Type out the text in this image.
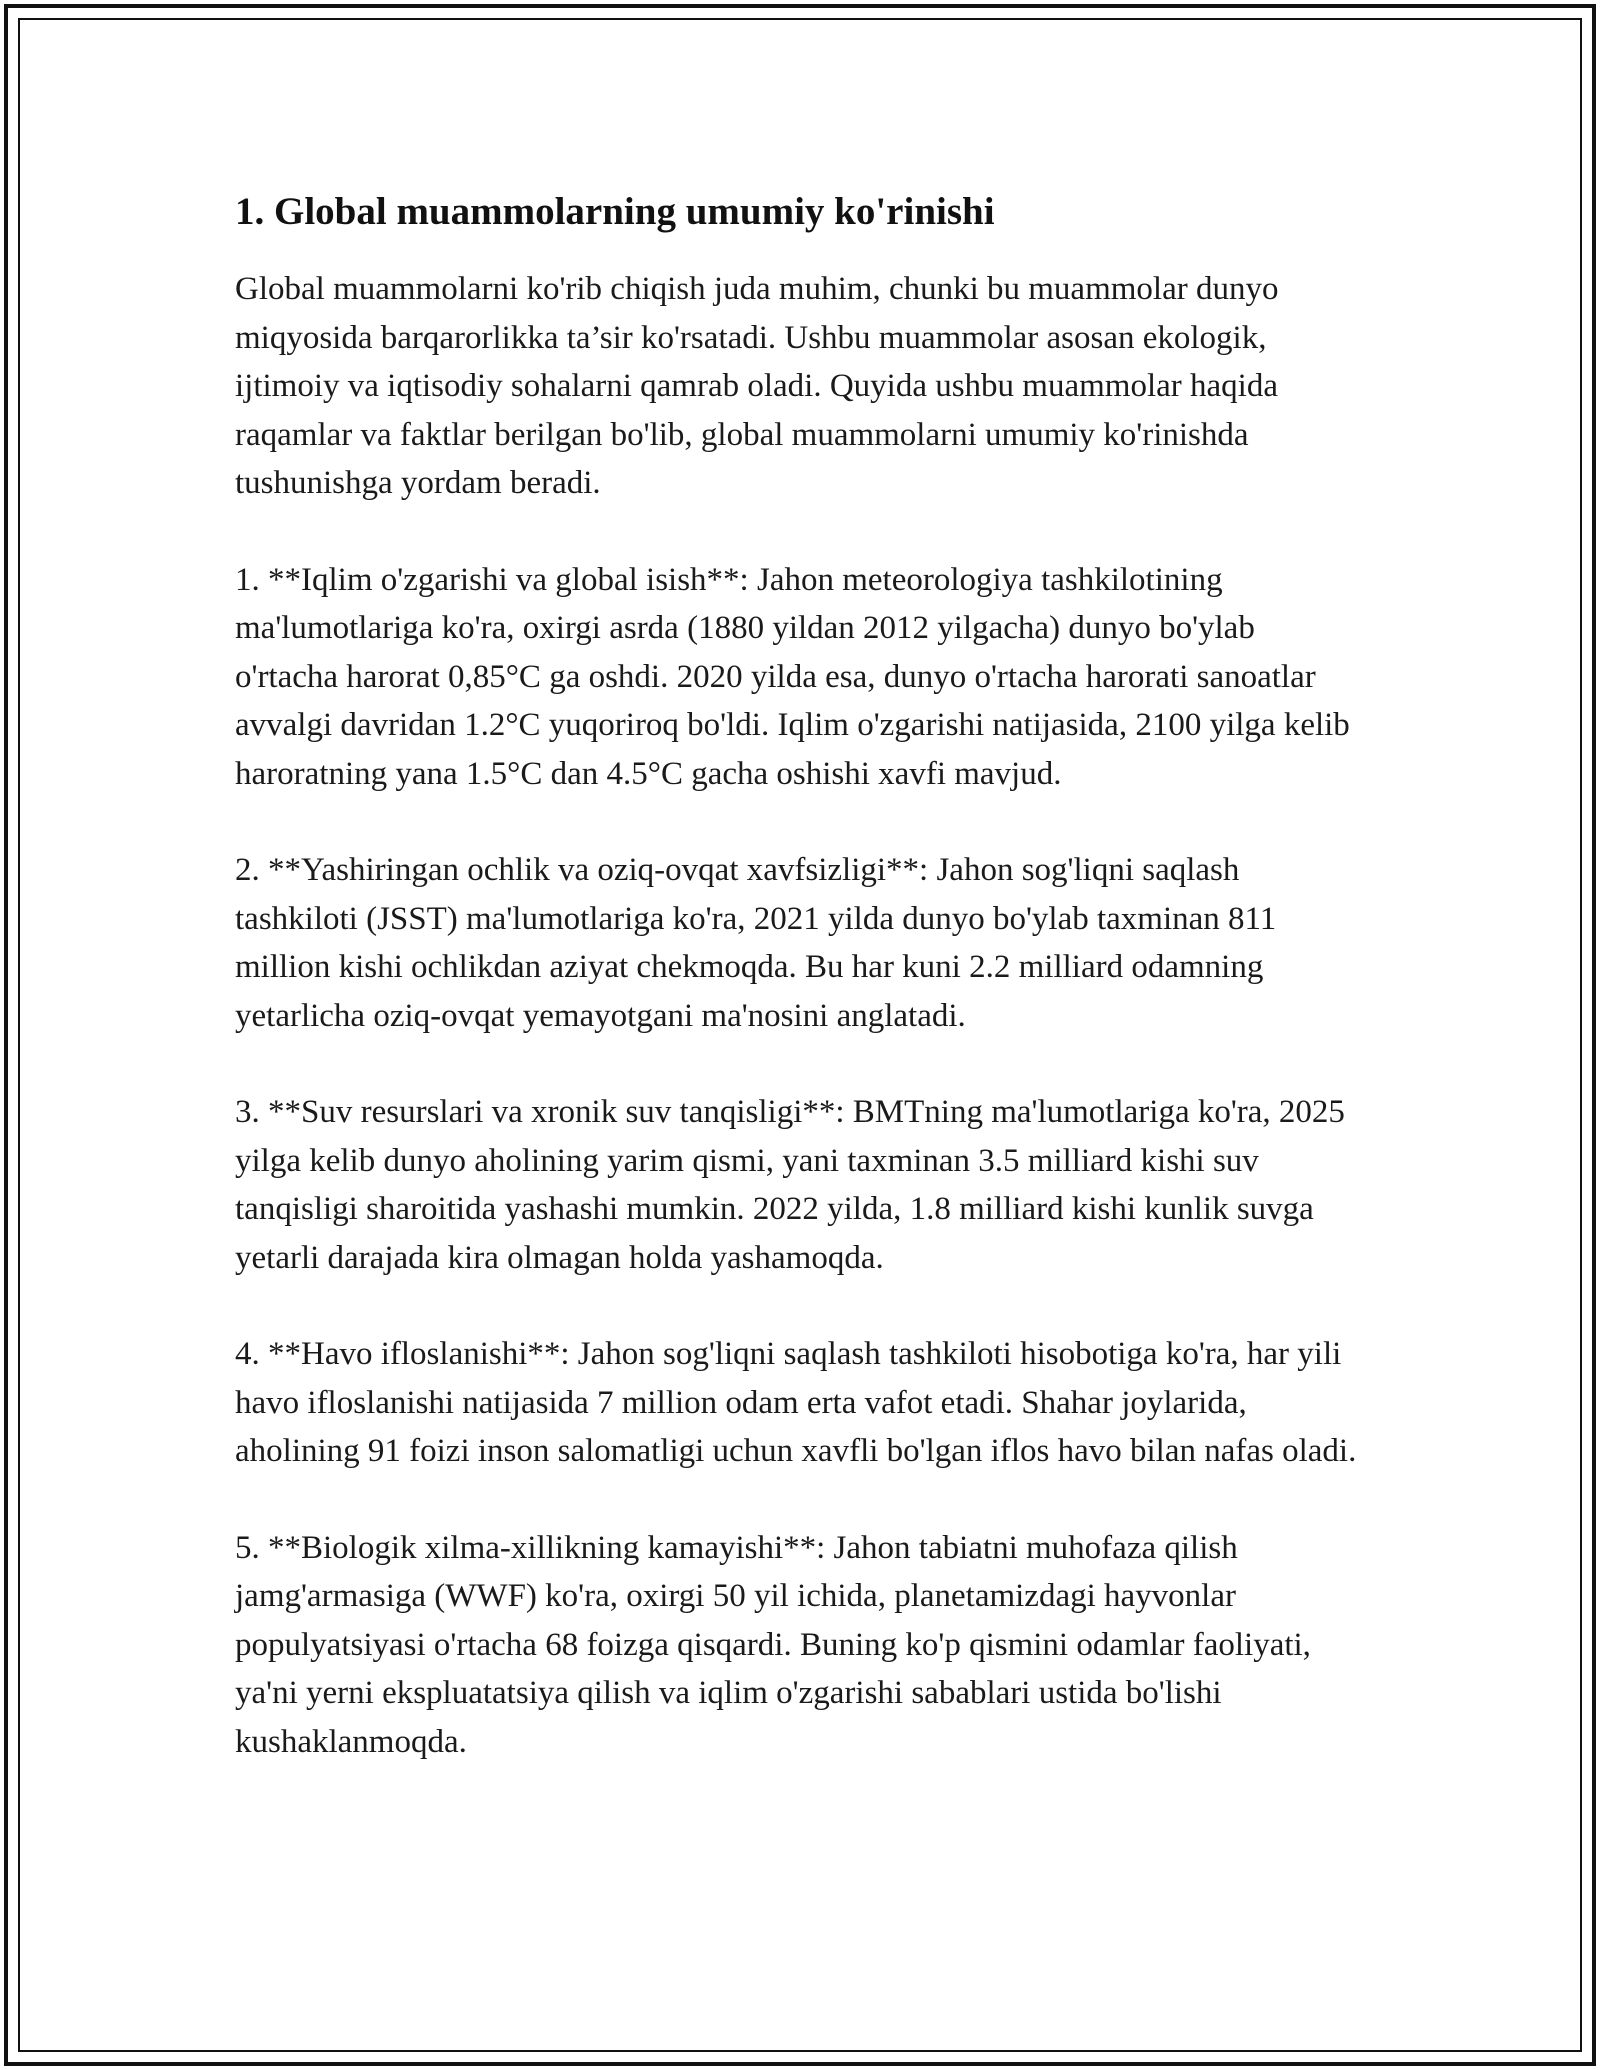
1. Global muammolarning umumiy ko'rinishi

Global muammolarni ko'rib chiqish juda muhim, chunki bu muammolar dunyo miqyosida barqarorlikka ta’sir ko'rsatadi. Ushbu muammolar asosan ekologik, ijtimoiy va iqtisodiy sohalarni qamrab oladi. Quyida ushbu muammolar haqida raqamlar va faktlar berilgan bo'lib, global muammolarni umumiy ko'rinishda tushunishga yordam beradi.

1. **Iqlim o'zgarishi va global isish**: Jahon meteorologiya tashkilotining ma'lumotlariga ko'ra, oxirgi asrda (1880 yildan 2012 yilgacha) dunyo bo'ylab o'rtacha harorat 0,85°C ga oshdi. 2020 yilda esa, dunyo o'rtacha harorati sanoatlar avvalgi davridan 1.2°C yuqoriroq bo'ldi. Iqlim o'zgarishi natijasida, 2100 yilga kelib haroratning yana 1.5°C dan 4.5°C gacha oshishi xavfi mavjud.

2. **Yashiringan ochlik va oziq-ovqat xavfsizligi**: Jahon sog'liqni saqlash tashkiloti (JSST) ma'lumotlariga ko'ra, 2021 yilda dunyo bo'ylab taxminan 811 million kishi ochlikdan aziyat chekmoqda. Bu har kuni 2.2 milliard odamning yetarlicha oziq-ovqat yemayotgani ma'nosini anglatadi.

3. **Suv resurslari va xronik suv tanqisligi**: BMTning ma'lumotlariga ko'ra, 2025 yilga kelib dunyo aholining yarim qismi, yani taxminan 3.5 milliard kishi suv tanqisligi sharoitida yashashi mumkin. 2022 yilda, 1.8 milliard kishi kunlik suvga yetarli darajada kira olmagan holda yashamoqda.

4. **Havo ifloslanishi**: Jahon sog'liqni saqlash tashkiloti hisobotiga ko'ra, har yili havo ifloslanishi natijasida 7 million odam erta vafot etadi. Shahar joylarida, aholining 91 foizi inson salomatligi uchun xavfli bo'lgan iflos havo bilan nafas oladi.

5. **Biologik xilma-xillikning kamayishi**: Jahon tabiatni muhofaza qilish jamg'armasiga (WWF) ko'ra, oxirgi 50 yil ichida, planetamizdagi hayvonlar populyatsiyasi o'rtacha 68 foizga qisqardi. Buning ko'p qismini odamlar faoliyati, ya'ni yerni ekspluatatsiya qilish va iqlim o'zgarishi sabablari ustida bo'lishi kushaklanmoqda.
